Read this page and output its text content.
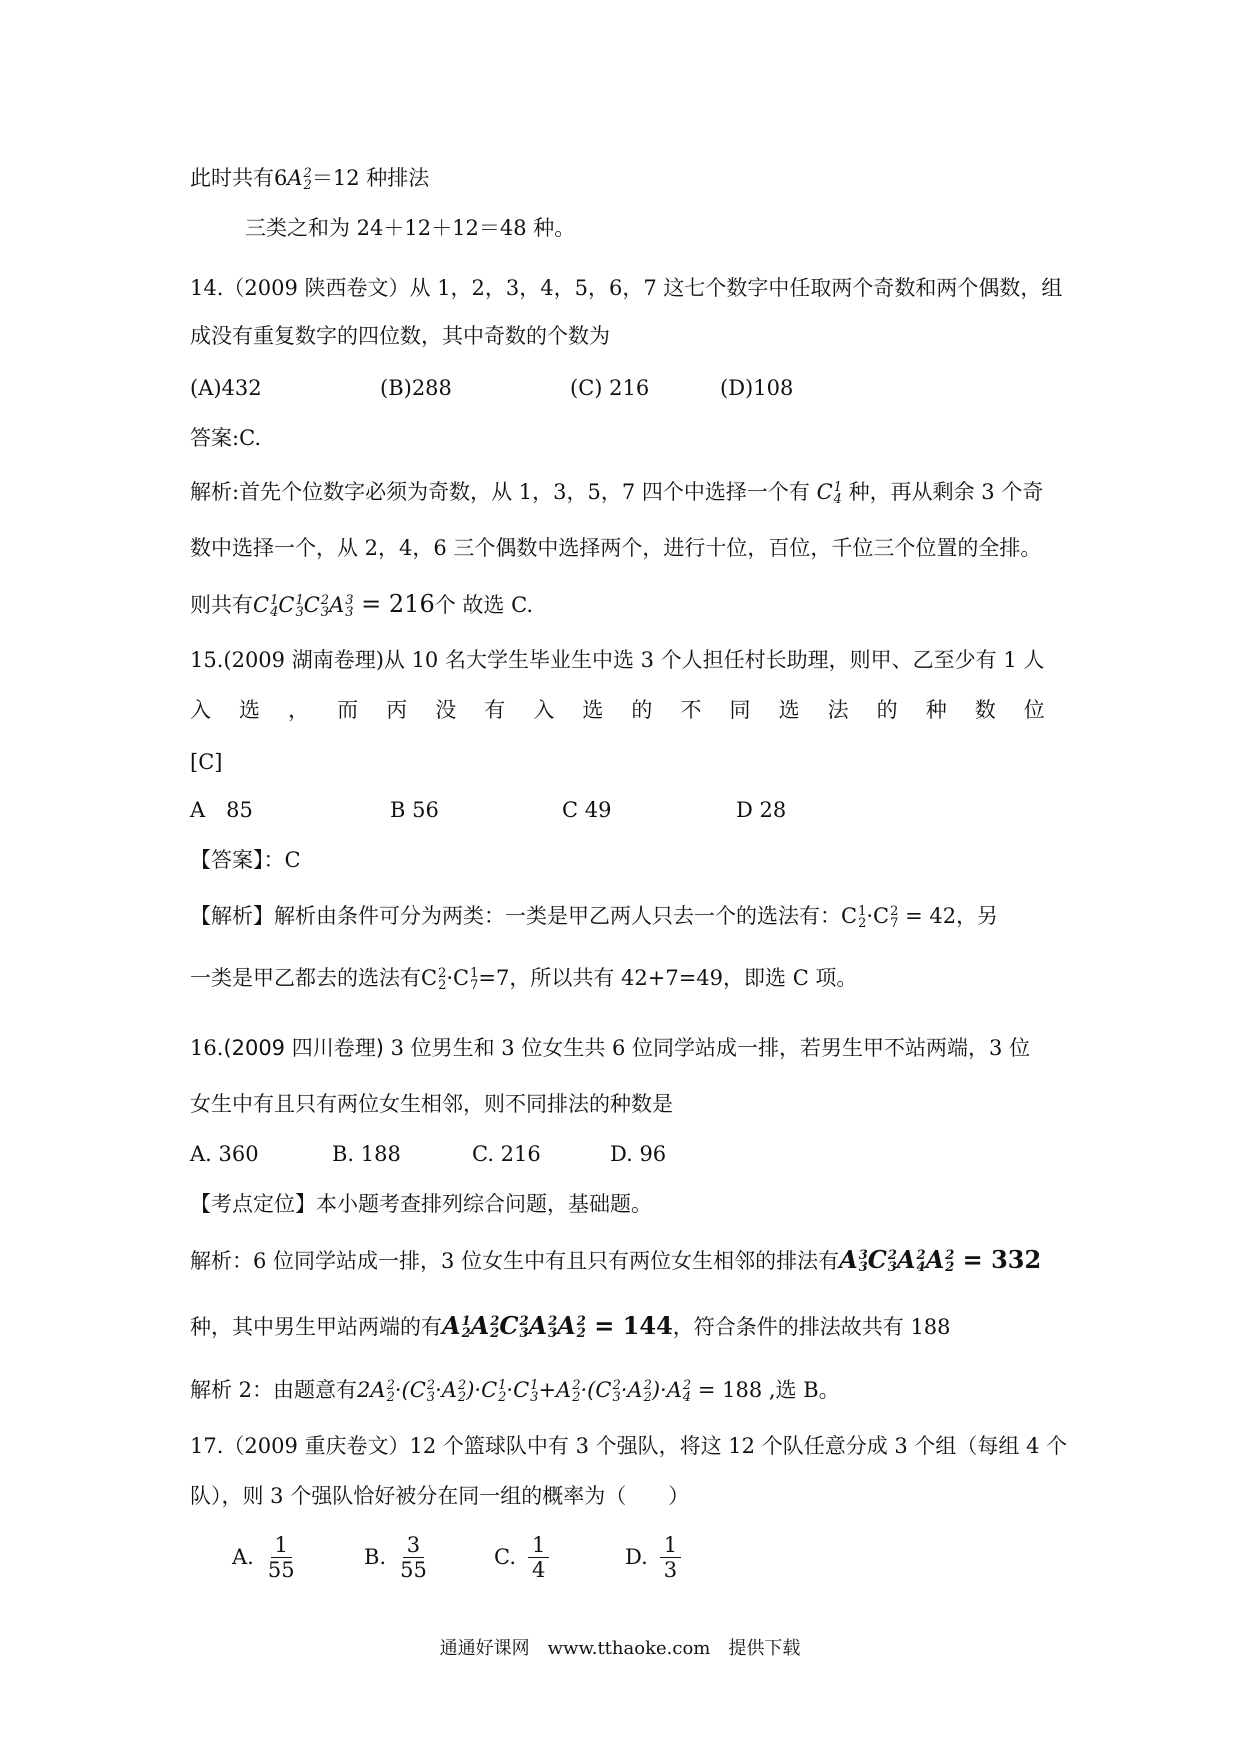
此时共有6A 2
2 ＝12 种排法
三类之和为 24＋12＋12＝48 种。
14.（2009 陕西卷文）从 1，2，3，4，5，6，7 这七个数字中任取两个奇数和两个偶数，组
成没有重复数字的四位数，其中奇数的个数为
(A)432	(B)288	(C) 216	(D)108
答案:C.
解析:首先个位数字必须为奇数，从 1，3，5，7 四个中选择一个有 C 1
4 种，再从剩余 3 个奇
数中选择一个，从 2，4，6 三个偶数中选择两个，进行十位，百位，千位三个位置的全排。
则共有C 1
4 C 1
3 C 2
3 A 3
3 = 216个 故选 C.
15.(2009 湖南卷理)从 10 名大学生毕业生中选 3 个人担任村长助理，则甲、乙至少有 1 人
入 选 ， 而 丙 没 有 入 选 的 不 同 选 法 的 种 数 位
[C]
A　85	B 56	C 49	D 28
【答案】：C
【解析】解析由条件可分为两类：一类是甲乙两人只去一个的选法有：C 1
2 ·C 2
7 = 42，另
一类是甲乙都去的选法有C 2
2 ·C 1
7 =7，所以共有 42+7=49，即选 C 项。
16.(2009 四川卷理) 3 位男生和 3 位女生共 6 位同学站成一排，若男生甲不站两端，3 位
女生中有且只有两位女生相邻，则不同排法的种数是
A. 360	B. 188	C. 216	D. 96
【考点定位】本小题考查排列综合问题，基础题。
解析：6 位同学站成一排，3 位女生中有且只有两位女生相邻的排法有A 3
3 C 2
3 A 2
4 A 2
2 = 332
种，其中男生甲站两端的有A 1
2 A 2
2 C 2
3 A 2
3 A 2
2 = 144，符合条件的排法故共有 188
解析 2：由题意有2A 2
2 ·(C 2
3 ·A 2
2 )·C 1
2 ·C 1
3 +A 2
2 ·(C 2
3 ·A 2
2 )·A 2
4 = 188 ,选 B。
17.（2009 重庆卷文）12 个篮球队中有 3 个强队，将这 12 个队任意分成 3 个组（每组 4 个
队），则 3 个强队恰好被分在同一组的概率为（　　）
A. $\frac{1}{55}$	B. $\frac{3}{55}$	C. $\frac{1}{4}$	D. $\frac{1}{3}$
通通好课网　www.tthaoke.com　提供下载
